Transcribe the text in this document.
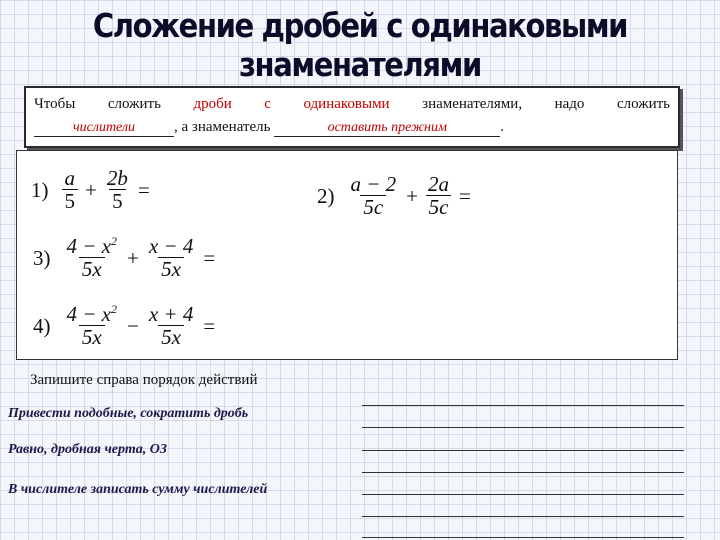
Сложение дробей с одинаковыми знаменателями
Чтобы сложить дроби с одинаковыми знаменателями, надо сложить
числители	, а знаменатель	оставить прежним	.
$1) \frac{a}{5} + \frac{2b}{5}$ =	$2) \frac{a - 2}{5c} + \frac{2a}{5c}$ =
$3) \frac{4 - x^2}{5x} + \frac{x - 4}{5x}$ =
$4) \frac{4 - x^2}{5x} - \frac{x + 4}{5x}$ =
Запишите справа порядок действий
Привести подобные, сократить дробь
Равно, дробная черта, ОЗ
В числителе записать сумму числителей
